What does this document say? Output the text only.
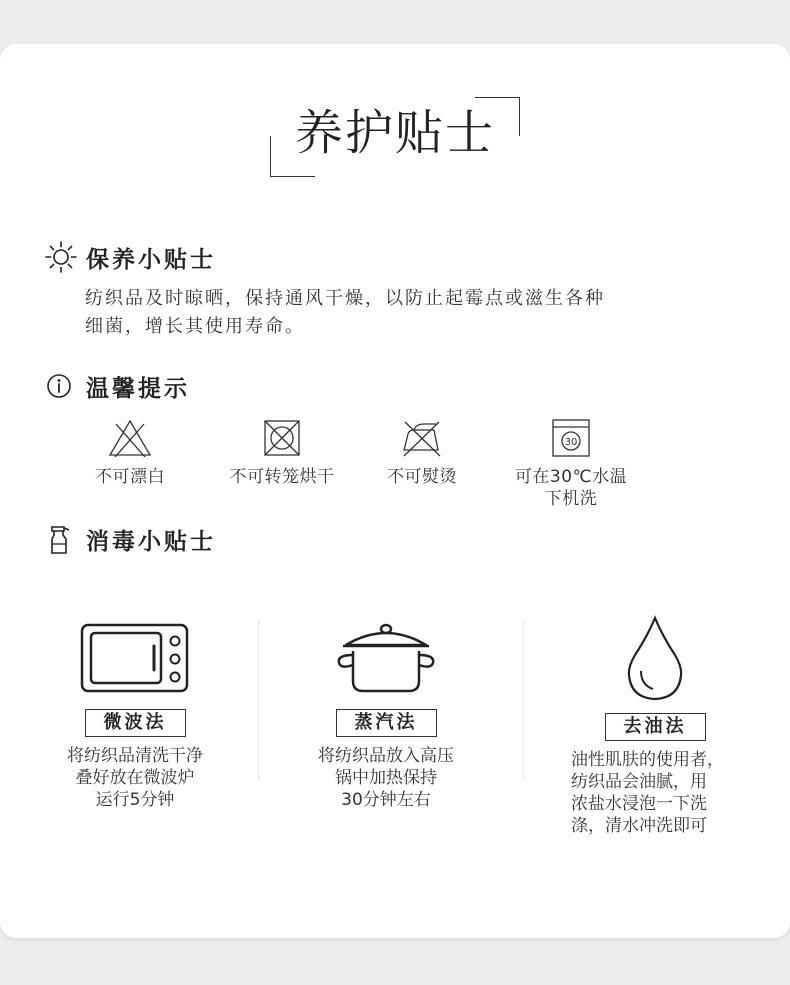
养护贴士
保养小贴士
纺织品及时晾晒，保持通风干燥，以防止起霉点或滋生各种
细菌，增长其使用寿命。
温馨提示
不可漂白	不可转笼烘干	不可熨烫
30
可在30℃水温
下机洗
消毒小贴士
微波法
将纺织品清洗干净
叠好放在微波炉
运行5分钟
蒸汽法
将纺织品放入高压
锅中加热保持
30分钟左右
去油法
油性肌肤的使用者，
纺织品会油腻，用
浓盐水浸泡一下洗
涤，清水冲洗即可
